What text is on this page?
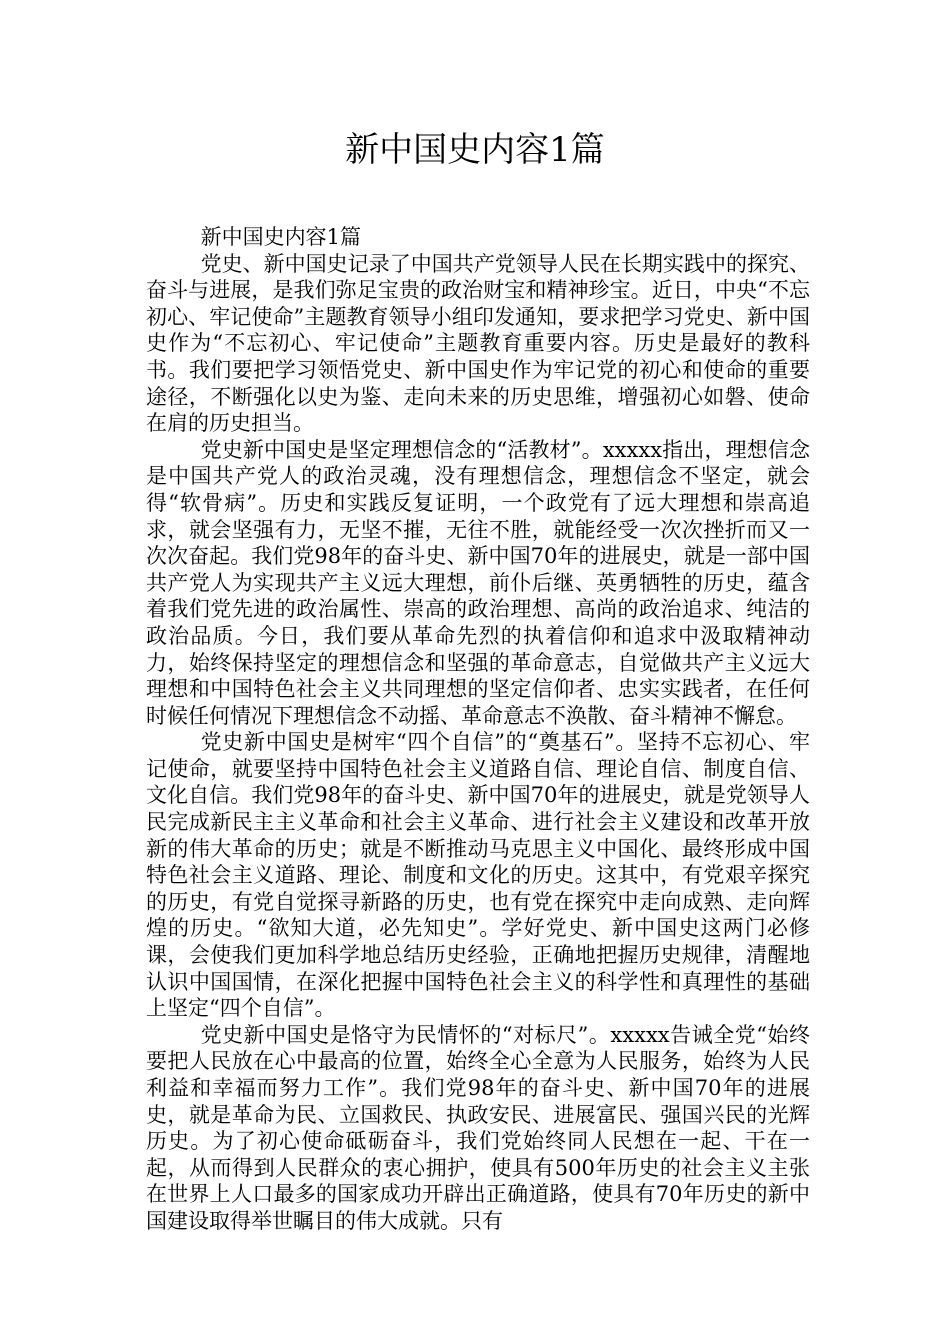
新中国史内容1篇

新中国史内容1篇

党史、新中国史记录了中国共产党领导人民在长期实践中的探究、奋斗与进展，是我们弥足宝贵的政治财宝和精神珍宝。近日，中央“不忘初心、牢记使命”主题教育领导小组印发通知，要求把学习党史、新中国史作为“不忘初心、牢记使命”主题教育重要内容。历史是最好的教科书。我们要把学习领悟党史、新中国史作为牢记党的初心和使命的重要途径，不断强化以史为鉴、走向未来的历史思维，增强初心如磐、使命在肩的历史担当。

党史新中国史是坚定理想信念的“活教材”。xxxxx指出，理想信念是中国共产党人的政治灵魂，没有理想信念，理想信念不坚定，就会得“软骨病”。历史和实践反复证明，一个政党有了远大理想和崇高追求，就会坚强有力，无坚不摧，无往不胜，就能经受一次次挫折而又一次次奋起。我们党98年的奋斗史、新中国70年的进展史，就是一部中国共产党人为实现共产主义远大理想，前仆后继、英勇牺牲的历史，蕴含着我们党先进的政治属性、崇高的政治理想、高尚的政治追求、纯洁的政治品质。今日，我们要从革命先烈的执着信仰和追求中汲取精神动力，始终保持坚定的理想信念和坚强的革命意志，自觉做共产主义远大理想和中国特色社会主义共同理想的坚定信仰者、忠实实践者，在任何时候任何情况下理想信念不动摇、革命意志不涣散、奋斗精神不懈怠。

党史新中国史是树牢“四个自信”的“奠基石”。坚持不忘初心、牢记使命，就要坚持中国特色社会主义道路自信、理论自信、制度自信、文化自信。我们党98年的奋斗史、新中国70年的进展史，就是党领导人民完成新民主主义革命和社会主义革命、进行社会主义建设和改革开放新的伟大革命的历史；就是不断推动马克思主义中国化、最终形成中国特色社会主义道路、理论、制度和文化的历史。这其中，有党艰辛探究的历史，有党自觉探寻新路的历史，也有党在探究中走向成熟、走向辉煌的历史。“欲知大道，必先知史”。学好党史、新中国史这两门必修课，会使我们更加科学地总结历史经验，正确地把握历史规律，清醒地认识中国国情，在深化把握中国特色社会主义的科学性和真理性的基础上坚定“四个自信”。

党史新中国史是恪守为民情怀的“对标尺”。xxxxx告诫全党“始终要把人民放在心中最高的位置，始终全心全意为人民服务，始终为人民利益和幸福而努力工作”。我们党98年的奋斗史、新中国70年的进展史，就是革命为民、立国救民、执政安民、进展富民、强国兴民的光辉历史。为了初心使命砥砺奋斗，我们党始终同人民想在一起、干在一起，从而得到人民群众的衷心拥护，使具有500年历史的社会主义主张在世界上人口最多的国家成功开辟出正确道路，使具有70年历史的新中国建设取得举世瞩目的伟大成就。只有
